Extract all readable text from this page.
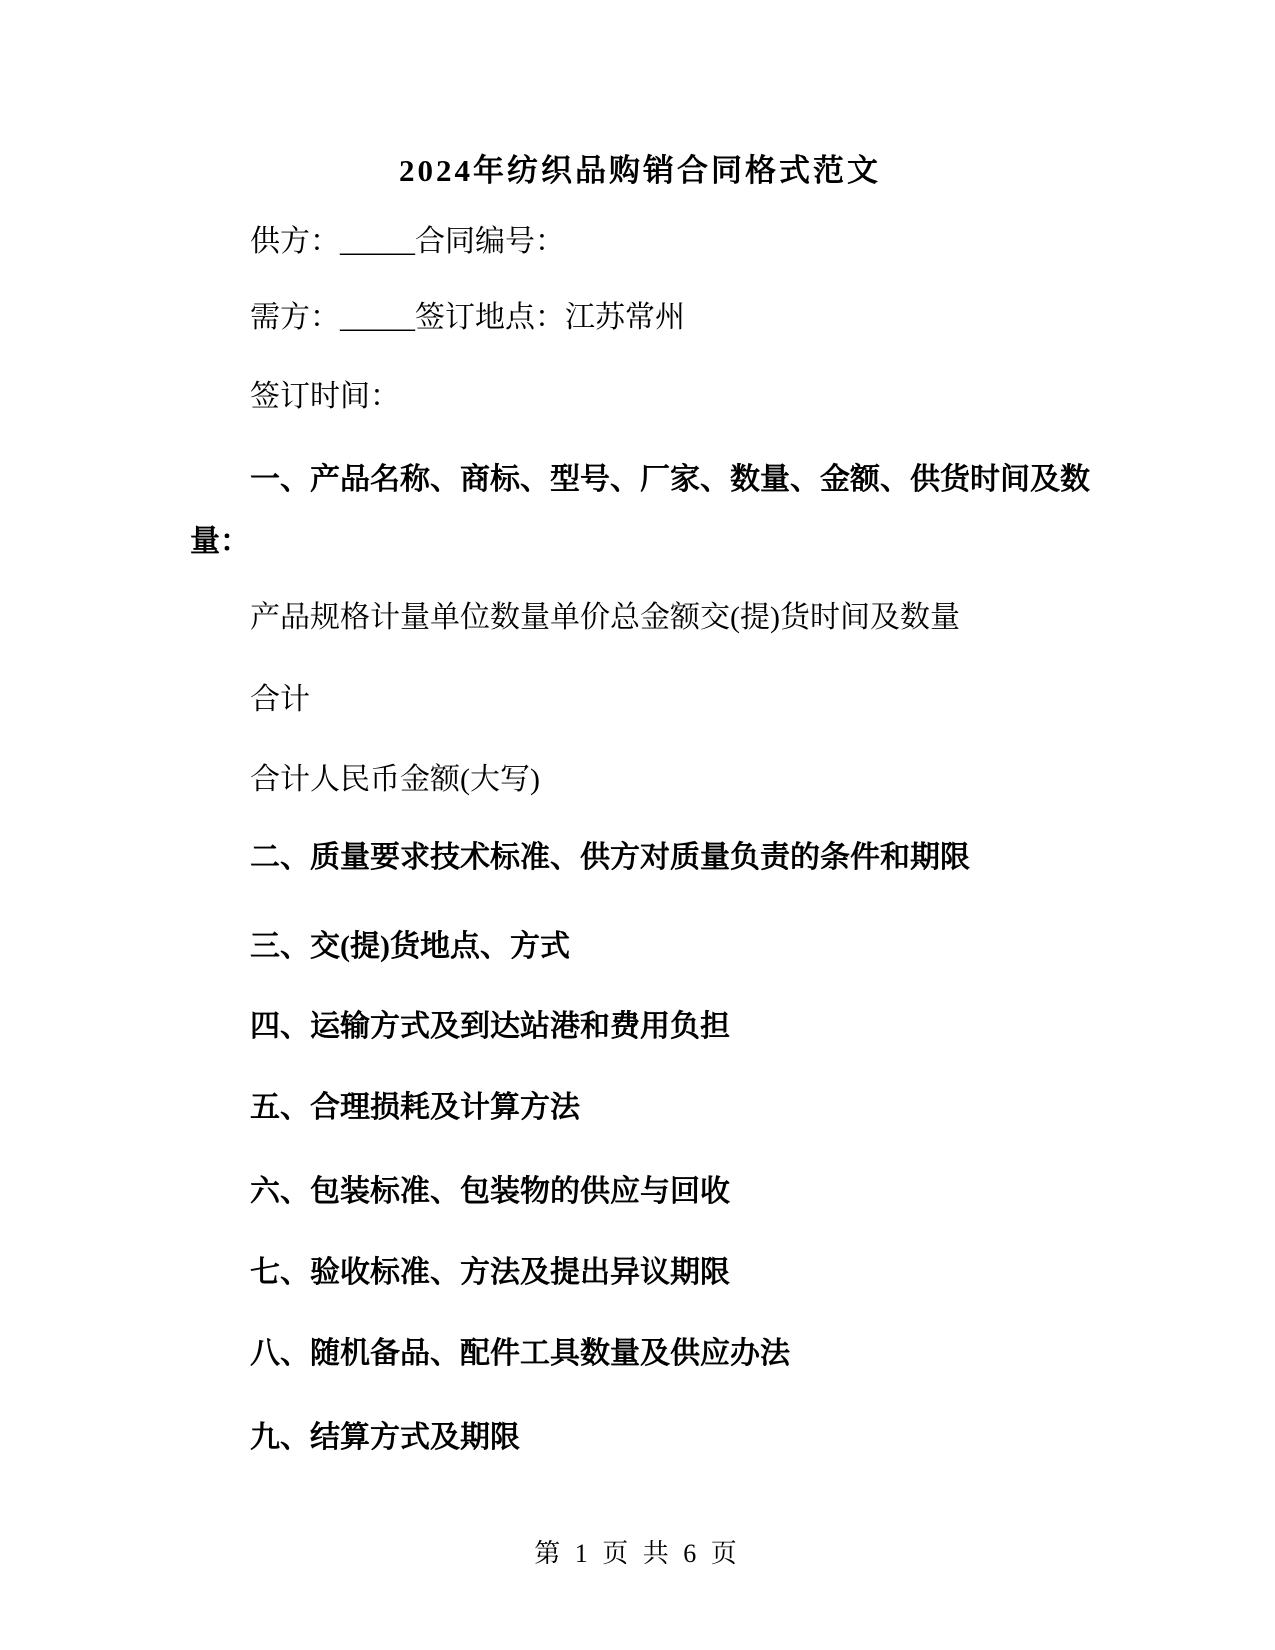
2024年纺织品购销合同格式范文

供方：_____合同编号：

需方：_____签订地点：江苏常州

签订时间：

一、产品名称、商标、型号、厂家、数量、金额、供货时间及数量：

产品规格计量单位数量单价总金额交(提)货时间及数量

合计

合计人民币金额(大写)

二、质量要求技术标准、供方对质量负责的条件和期限

三、交(提)货地点、方式

四、运输方式及到达站港和费用负担

五、合理损耗及计算方法

六、包装标准、包装物的供应与回收

七、验收标准、方法及提出异议期限

八、随机备品、配件工具数量及供应办法

九、结算方式及期限

第 1 页 共 6 页
